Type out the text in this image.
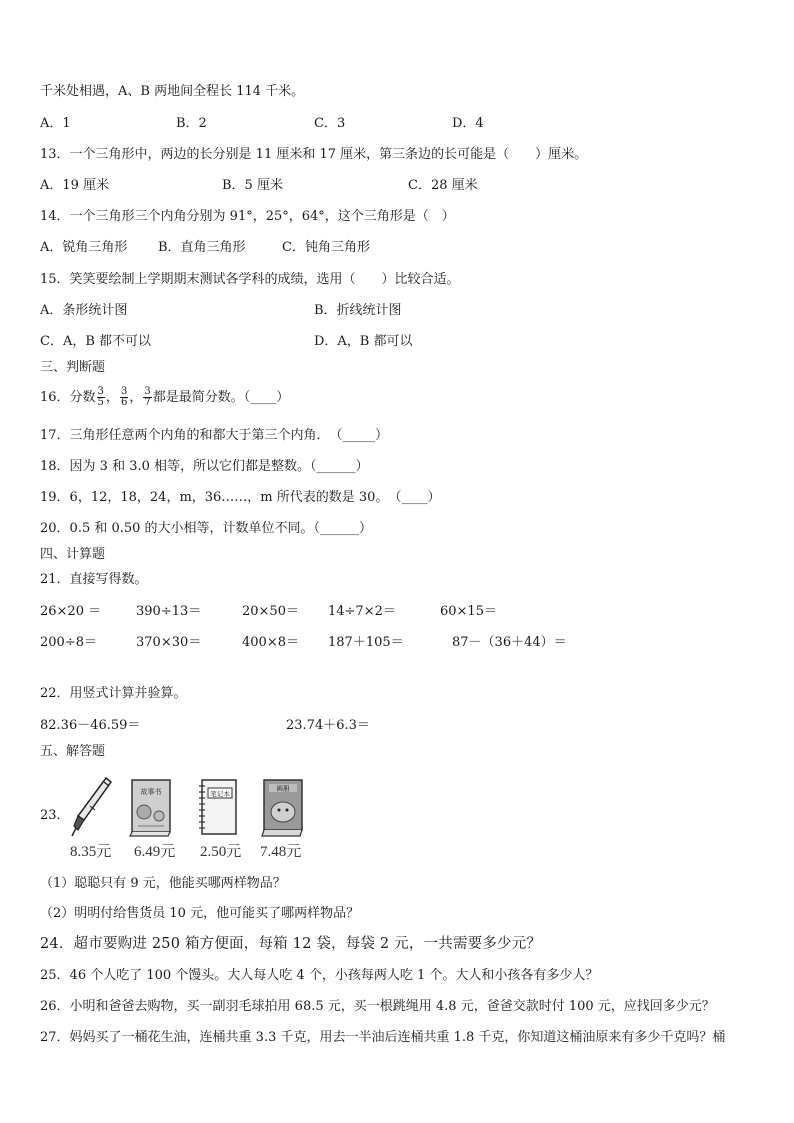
千米处相遇，A、B 两地间全程长 114 千米。
A．1	B．2	C．3	D．4
13．一个三角形中，两边的长分别是 11 厘米和 17 厘米，第三条边的长可能是（　　）厘米。
A．19 厘米	B．5 厘米	C．28 厘米
14．一个三角形三个内角分别为 91°，25°，64°，这个三角形是（　）
A．锐角三角形 B．直角三角形	C．钝角三角形
15．笑笑要绘制上学期期末测试各学科的成绩，选用（　　）比较合适。
A．条形统计图	B．折线统计图
C．A，B 都不可以	D．A，B 都可以
三、判断题
16．分数 $\frac{3}{5}$ ， $\frac{3}{6}$ ， $\frac{3}{7}$ 都是最简分数。（____）
17．三角形任意两个内角的和都大于第三个内角．　（_____）
18．因为 3 和 3.0 相等，所以它们都是整数。（______）
19．6，12，18，24，m，36……，m 所代表的数是 30。　（____）
20．0.5 和 0.50 的大小相等，计数单位不同。（______）
四、计算题
21．直接写得数。
26×20 ＝	390÷13＝	20×50＝ 14÷7×2＝	60×15＝
200÷8＝	370×30＝	400×8＝ 187＋105＝	87－（36＋44）＝
22．用竖式计算并验算。
82.36－46.59＝	23.74＋6.3＝
五、解答题
23．
故事书	笔记本
画册
8.35元 6.49元 2.50元 7.48元
（1）聪聪只有 9 元，他能买哪两样物品？
（2）明明付给售货员 10 元，他可能买了哪两样物品？
24．超市要购进 250 箱方便面，每箱 12 袋，每袋 2 元，一共需要多少元？
25．46 个人吃了 100 个馒头。大人每人吃 4 个，小孩每两人吃 1 个。大人和小孩各有多少人？
26．小明和爸爸去购物，买一副羽毛球拍用 68.5 元，买一根跳绳用 4.8 元，爸爸交款时付 100 元，应找回多少元？
27．妈妈买了一桶花生油，连桶共重 3.3 千克，用去一半油后连桶共重 1.8 千克，你知道这桶油原来有多少千克吗？桶
